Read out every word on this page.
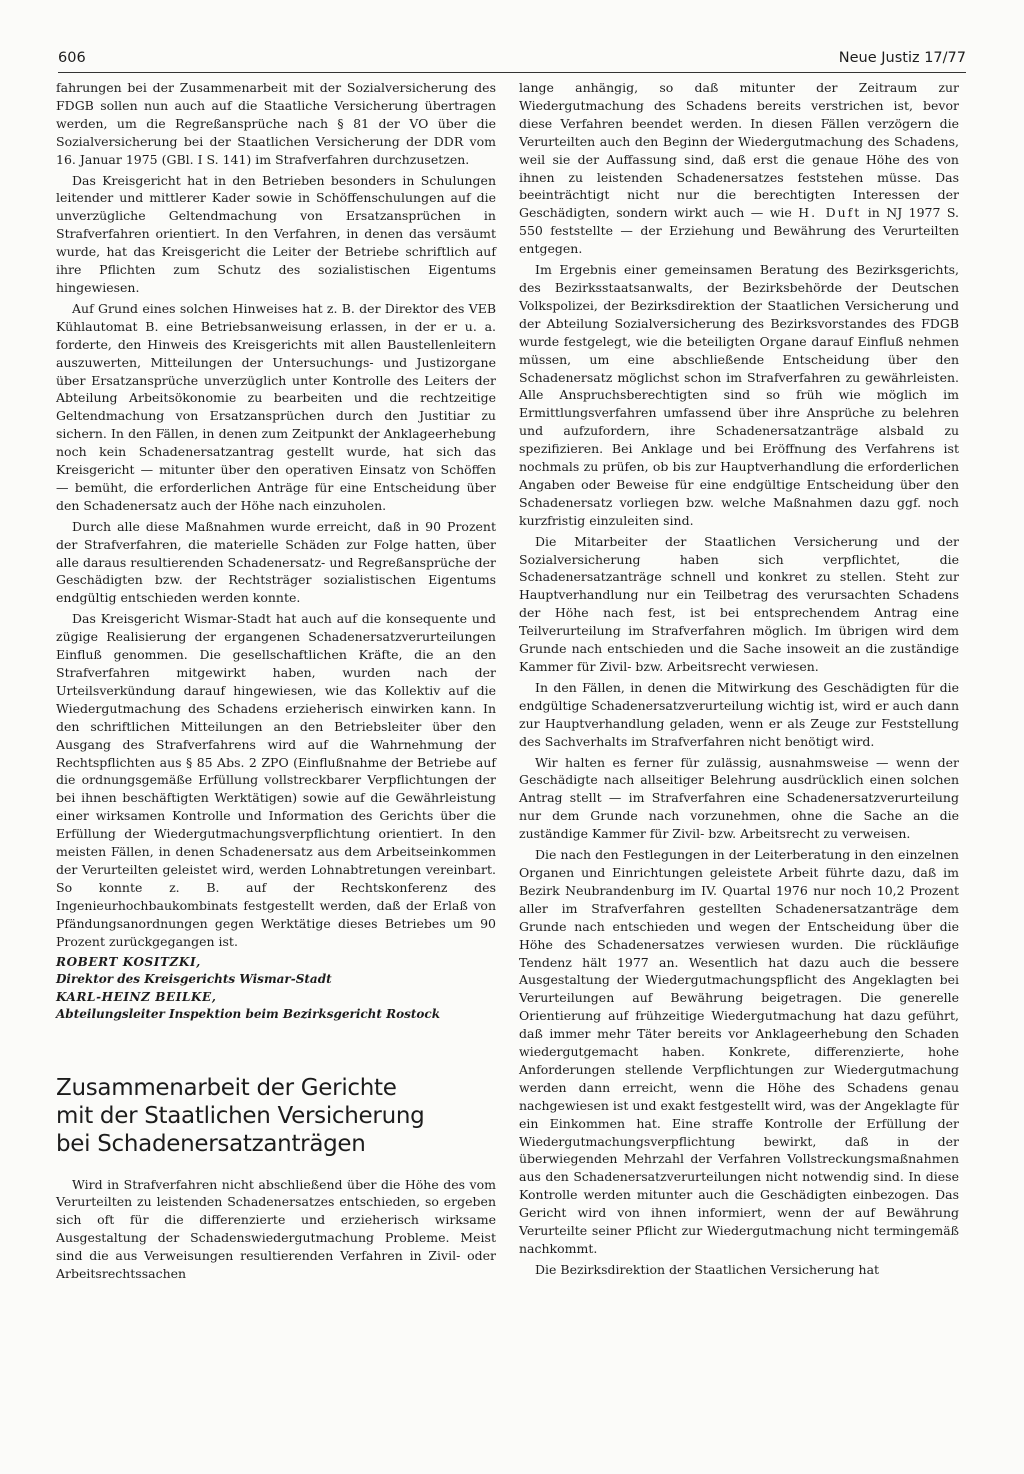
606	Neue Justiz 17/77

fahrungen bei der Zusammenarbeit mit der Sozialversicherung des FDGB sollen nun auch auf die Staatliche Versicherung übertragen werden, um die Regreßansprüche nach § 81 der VO über die Sozialversicherung bei der Staatlichen Versicherung der DDR vom 16. Januar 1975 (GBl. I S. 141) im Strafverfahren durchzusetzen.

Das Kreisgericht hat in den Betrieben besonders in Schulungen leitender und mittlerer Kader sowie in Schöffenschulungen auf die unverzügliche Geltendmachung von Ersatzansprüchen in Strafverfahren orientiert. In den Verfahren, in denen das versäumt wurde, hat das Kreisgericht die Leiter der Betriebe schriftlich auf ihre Pflichten zum Schutz des sozialistischen Eigentums hingewiesen.

Auf Grund eines solchen Hinweises hat z. B. der Direktor des VEB Kühlautomat B. eine Betriebsanweisung erlassen, in der er u. a. forderte, den Hinweis des Kreisgerichts mit allen Baustellenleitern auszuwerten, Mitteilungen der Untersuchungs- und Justizorgane über Ersatzansprüche unverzüglich unter Kontrolle des Leiters der Abteilung Arbeitsökonomie zu bearbeiten und die rechtzeitige Geltendmachung von Ersatzansprüchen durch den Justitiar zu sichern. In den Fällen, in denen zum Zeitpunkt der Anklageerhebung noch kein Schadenersatzantrag gestellt wurde, hat sich das Kreisgericht — mitunter über den operativen Einsatz von Schöffen — bemüht, die erforderlichen Anträge für eine Entscheidung über den Schadenersatz auch der Höhe nach einzuholen.

Durch alle diese Maßnahmen wurde erreicht, daß in 90 Prozent der Strafverfahren, die materielle Schäden zur Folge hatten, über alle daraus resultierenden Schadenersatz- und Regreßansprüche der Geschädigten bzw. der Rechtsträger sozialistischen Eigentums endgültig entschieden werden konnte.

Das Kreisgericht Wismar-Stadt hat auch auf die konsequente und zügige Realisierung der ergangenen Schadenersatzverurteilungen Einfluß genommen. Die gesellschaftlichen Kräfte, die an den Strafverfahren mitgewirkt haben, wurden nach der Urteilsverkündung darauf hingewiesen, wie das Kollektiv auf die Wiedergutmachung des Schadens erzieherisch einwirken kann. In den schriftlichen Mitteilungen an den Betriebsleiter über den Ausgang des Strafverfahrens wird auf die Wahrnehmung der Rechtspflichten aus § 85 Abs. 2 ZPO (Einflußnahme der Betriebe auf die ordnungsgemäße Erfüllung vollstreckbarer Verpflichtungen der bei ihnen beschäftigten Werktätigen) sowie auf die Gewährleistung einer wirksamen Kontrolle und Information des Gerichts über die Erfüllung der Wiedergutmachungsverpflichtung orientiert. In den meisten Fällen, in denen Schadenersatz aus dem Arbeitseinkommen der Verurteilten geleistet wird, werden Lohnabtretungen vereinbart. So konnte z. B. auf der Rechtskonferenz des Ingenieurhochbaukombinats festgestellt werden, daß der Erlaß von Pfändungsanordnungen gegen Werktätige dieses Betriebes um 90 Prozent zurückgegangen ist.

ROBERT KOSITZKI,
Direktor des Kreisgerichts Wismar-Stadt
KARL-HEINZ BEILKE,
Abteilungsleiter Inspektion beim Bezirksgericht Rostock
Zusammenarbeit der Gerichte
mit der Staatlichen Versicherung
bei Schadenersatzanträgen

Wird in Strafverfahren nicht abschließend über die Höhe des vom Verurteilten zu leistenden Schadenersatzes entschieden, so ergeben sich oft für die differenzierte und erzieherisch wirksame Ausgestaltung der Schadenswiedergutmachung Probleme. Meist sind die aus Verweisungen resultierenden Verfahren in Zivil- oder Arbeitsrechtssachen

lange anhängig, so daß mitunter der Zeitraum zur Wiedergutmachung des Schadens bereits verstrichen ist, bevor diese Verfahren beendet werden. In diesen Fällen verzögern die Verurteilten auch den Beginn der Wiedergutmachung des Schadens, weil sie der Auffassung sind, daß erst die genaue Höhe des von ihnen zu leistenden Schadenersatzes feststehen müsse. Das beeinträchtigt nicht nur die berechtigten Interessen der Geschädigten, sondern wirkt auch — wie H. Duft in NJ 1977 S. 550 feststellte — der Erziehung und Bewährung des Verurteilten entgegen.

Im Ergebnis einer gemeinsamen Beratung des Bezirksgerichts, des Bezirksstaatsanwalts, der Bezirksbehörde der Deutschen Volkspolizei, der Bezirksdirektion der Staatlichen Versicherung und der Abteilung Sozialversicherung des Bezirksvorstandes des FDGB wurde festgelegt, wie die beteiligten Organe darauf Einfluß nehmen müssen, um eine abschließende Entscheidung über den Schadenersatz möglichst schon im Strafverfahren zu gewährleisten. Alle Anspruchsberechtigten sind so früh wie möglich im Ermittlungsverfahren umfassend über ihre Ansprüche zu belehren und aufzufordern, ihre Schadenersatzanträge alsbald zu spezifizieren. Bei Anklage und bei Eröffnung des Verfahrens ist nochmals zu prüfen, ob bis zur Hauptverhandlung die erforderlichen Angaben oder Beweise für eine endgültige Entscheidung über den Schadenersatz vorliegen bzw. welche Maßnahmen dazu ggf. noch kurzfristig einzuleiten sind.

Die Mitarbeiter der Staatlichen Versicherung und der Sozialversicherung haben sich verpflichtet, die Schadenersatzanträge schnell und konkret zu stellen. Steht zur Hauptverhandlung nur ein Teilbetrag des verursachten Schadens der Höhe nach fest, ist bei entsprechendem Antrag eine Teilverurteilung im Strafverfahren möglich. Im übrigen wird dem Grunde nach entschieden und die Sache insoweit an die zuständige Kammer für Zivil- bzw. Arbeitsrecht verwiesen.

In den Fällen, in denen die Mitwirkung des Geschädigten für die endgültige Schadenersatzverurteilung wichtig ist, wird er auch dann zur Hauptverhandlung geladen, wenn er als Zeuge zur Feststellung des Sachverhalts im Strafverfahren nicht benötigt wird.

Wir halten es ferner für zulässig, ausnahmsweise — wenn der Geschädigte nach allseitiger Belehrung ausdrücklich einen solchen Antrag stellt — im Strafverfahren eine Schadenersatzverurteilung nur dem Grunde nach vorzunehmen, ohne die Sache an die zuständige Kammer für Zivil- bzw. Arbeitsrecht zu verweisen.

Die nach den Festlegungen in der Leiterberatung in den einzelnen Organen und Einrichtungen geleistete Arbeit führte dazu, daß im Bezirk Neubrandenburg im IV. Quartal 1976 nur noch 10,2 Prozent aller im Strafverfahren gestellten Schadenersatzanträge dem Grunde nach entschieden und wegen der Entscheidung über die Höhe des Schadenersatzes verwiesen wurden. Die rückläufige Tendenz hält 1977 an. Wesentlich hat dazu auch die bessere Ausgestaltung der Wiedergutmachungspflicht des Angeklagten bei Verurteilungen auf Bewährung beigetragen. Die generelle Orientierung auf frühzeitige Wiedergutmachung hat dazu geführt, daß immer mehr Täter bereits vor Anklageerhebung den Schaden wiedergutgemacht haben. Konkrete, differenzierte, hohe Anforderungen stellende Verpflichtungen zur Wiedergutmachung werden dann erreicht, wenn die Höhe des Schadens genau nachgewiesen ist und exakt festgestellt wird, was der Angeklagte für ein Einkommen hat. Eine straffe Kontrolle der Erfüllung der Wiedergutmachungsverpflichtung bewirkt, daß in der überwiegenden Mehrzahl der Verfahren Vollstreckungsmaßnahmen aus den Schadenersatzverurteilungen nicht notwendig sind. In diese Kontrolle werden mitunter auch die Geschädigten einbezogen. Das Gericht wird von ihnen informiert, wenn der auf Bewährung Verurteilte seiner Pflicht zur Wiedergutmachung nicht termingemäß nachkommt.

Die Bezirksdirektion der Staatlichen Versicherung hat
